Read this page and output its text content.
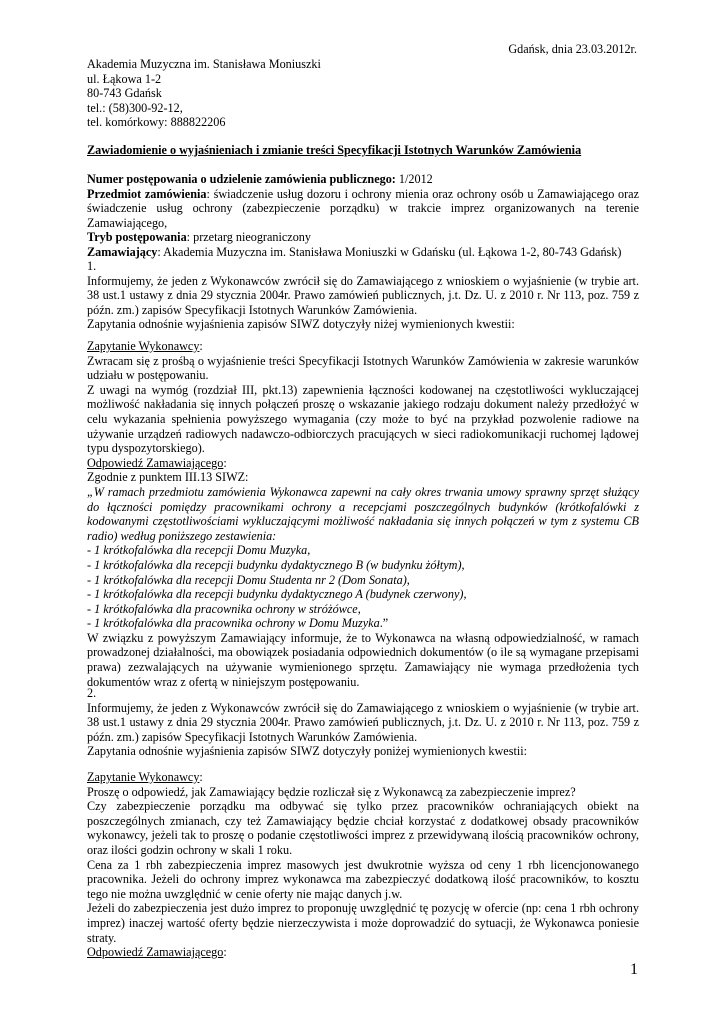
Gdańsk, dnia 23.03.2012r.
Akademia Muzyczna im. Stanisława Moniuszki
ul. Łąkowa 1-2
80-743 Gdańsk
tel.: (58)300-92-12,
tel. komórkowy: 888822206
Zawiadomienie o wyjaśnieniach i zmianie treści Specyfikacji Istotnych Warunków Zamówienia

Numer postępowania o udzielenie zamówienia publicznego: 1/2012

Przedmiot zamówienia: świadczenie usług dozoru i ochrony mienia oraz ochrony osób u Zamawiającego oraz świadczenie usług ochrony (zabezpieczenie porządku) w trakcie imprez organizowanych na terenie Zamawiającego,

Tryb postępowania: przetarg nieograniczony

Zamawiający: Akademia Muzyczna im. Stanisława Moniuszki w Gdańsku (ul. Łąkowa 1-2, 80-743 Gdańsk)

1.

Informujemy, że jeden z Wykonawców zwrócił się do Zamawiającego z wnioskiem o wyjaśnienie (w trybie art. 38 ust.1 ustawy z dnia 29 stycznia 2004r. Prawo zamówień publicznych, j.t. Dz. U. z 2010 r. Nr 113, poz. 759 z późn. zm.) zapisów Specyfikacji Istotnych Warunków Zamówienia.

Zapytania odnośnie wyjaśnienia zapisów SIWZ dotyczyły niżej wymienionych kwestii:

Zapytanie Wykonawcy:

Zwracam się z prośbą o wyjaśnienie treści Specyfikacji Istotnych Warunków Zamówienia w zakresie warunków udziału w postępowaniu.

Z uwagi na wymóg (rozdział III, pkt.13) zapewnienia łączności kodowanej na częstotliwości wykluczającej możliwość nakładania się innych połączeń proszę o wskazanie jakiego rodzaju dokument należy przedłożyć w celu wykazania spełnienia powyższego wymagania (czy może to być na przykład pozwolenie radiowe na używanie urządzeń radiowych nadawczo-odbiorczych pracujących w sieci radiokomunikacji ruchomej lądowej typu dyspozytorskiego).

Odpowiedź Zamawiającego:

Zgodnie z punktem III.13 SIWZ:

„W ramach przedmiotu zamówienia Wykonawca zapewni na cały okres trwania umowy sprawny sprzęt służący do łączności pomiędzy pracownikami ochrony a recepcjami poszczególnych budynków (krótkofalówki z kodowanymi częstotliwościami wykluczającymi możliwość nakładania się innych połączeń w tym z systemu CB radio) według poniższego zestawienia:

- 1 krótkofalówka dla recepcji Domu Muzyka,
- 1 krótkofalówka dla recepcji budynku dydaktycznego B (w budynku żółtym),
- 1 krótkofalówka dla recepcji Domu Studenta nr 2 (Dom Sonata),
- 1 krótkofalówka dla recepcji budynku dydaktycznego A (budynek czerwony),
- 1 krótkofalówka dla pracownika ochrony w stróżówce,
- 1 krótkofalówka dla pracownika ochrony w Domu Muzyka.”

W związku z powyższym Zamawiający informuje, że to Wykonawca na własną odpowiedzialność, w ramach prowadzonej działalności, ma obowiązek posiadania odpowiednich dokumentów (o ile są wymagane przepisami prawa) zezwalających na używanie wymienionego sprzętu. Zamawiający nie wymaga przedłożenia tych dokumentów wraz z ofertą w niniejszym postępowaniu.

2.

Informujemy, że jeden z Wykonawców zwrócił się do Zamawiającego z wnioskiem o wyjaśnienie (w trybie art. 38 ust.1 ustawy z dnia 29 stycznia 2004r. Prawo zamówień publicznych, j.t. Dz. U. z 2010 r. Nr 113, poz. 759 z późn. zm.) zapisów Specyfikacji Istotnych Warunków Zamówienia.

Zapytania odnośnie wyjaśnienia zapisów SIWZ dotyczyły poniżej wymienionych kwestii:

Zapytanie Wykonawcy:

Proszę o odpowiedź, jak Zamawiający będzie rozliczał się z Wykonawcą za zabezpieczenie imprez?

Czy zabezpieczenie porządku ma odbywać się tylko przez pracowników ochraniających obiekt na poszczególnych zmianach, czy też Zamawiający będzie chciał korzystać z dodatkowej obsady pracowników wykonawcy, jeżeli tak to proszę o podanie częstotliwości imprez z przewidywaną ilością pracowników ochrony, oraz ilości godzin ochrony w skali 1 roku.

Cena za 1 rbh zabezpieczenia imprez masowych jest dwukrotnie wyższa od ceny 1 rbh licencjonowanego pracownika. Jeżeli do ochrony imprez wykonawca ma zabezpieczyć dodatkową ilość pracowników, to kosztu tego nie można uwzględnić w cenie oferty nie mając danych j.w.

Jeżeli do zabezpieczenia jest dużo imprez to proponuję uwzględnić tę pozycję w ofercie (np: cena 1 rbh ochrony imprez) inaczej wartość oferty będzie nierzeczywista i może doprowadzić do sytuacji, że Wykonawca poniesie straty.

Odpowiedź Zamawiającego:

1
